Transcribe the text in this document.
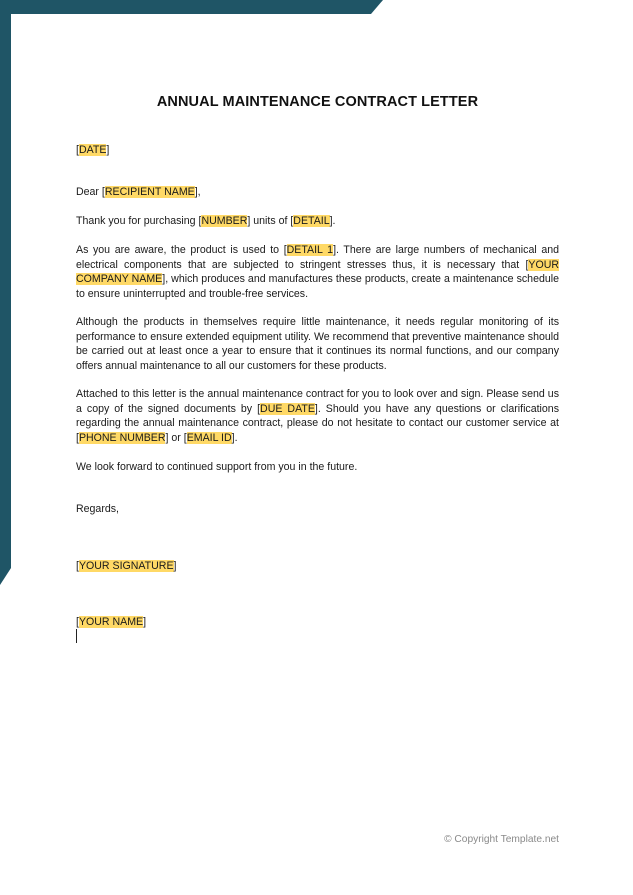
ANNUAL MAINTENANCE CONTRACT LETTER
[DATE]
Dear [RECIPIENT NAME],
Thank you for purchasing [NUMBER] units of [DETAIL].
As you are aware, the product is used to [DETAIL 1]. There are large numbers of mechanical and electrical components that are subjected to stringent stresses thus, it is necessary that [YOUR COMPANY NAME], which produces and manufactures these products, create a maintenance schedule to ensure uninterrupted and trouble-free services.
Although the products in themselves require little maintenance, it needs regular monitoring of its performance to ensure extended equipment utility. We recommend that preventive maintenance should be carried out at least once a year to ensure that it continues its normal functions, and our company offers annual maintenance to all our customers for these products.
Attached to this letter is the annual maintenance contract for you to look over and sign. Please send us a copy of the signed documents by [DUE DATE]. Should you have any questions or clarifications regarding the annual maintenance contract, please do not hesitate to contact our customer service at [PHONE NUMBER] or [EMAIL ID].
We look forward to continued support from you in the future.
Regards,
[YOUR SIGNATURE]
[YOUR NAME]
© Copyright Template.net
